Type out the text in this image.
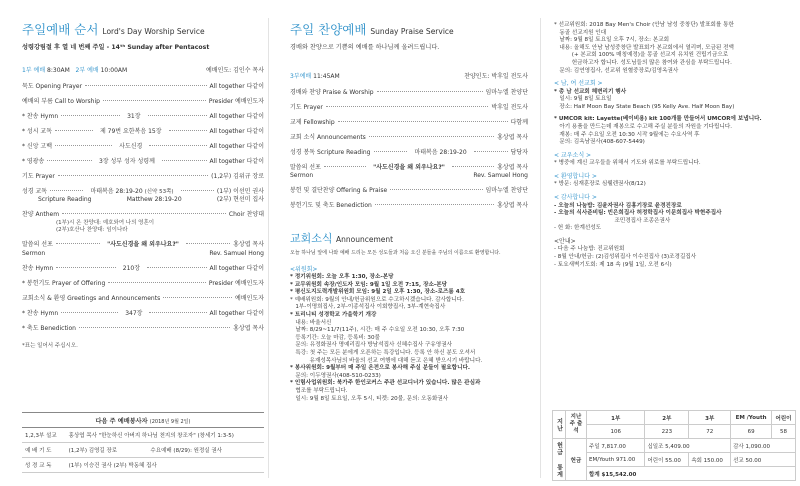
주일예배 순서 Lord's Day Worship Service
성령강림절 후 열 네 번째 주일 - 14ᵗʰ Sunday after Pentacost
1부 예배 8:30AM 2부 예배 10:00AM	예배인도: 김인수 목사
묵도 Opening Prayer	All together 다같이
예배의 부름 Call to Worship	Presider 예배인도자
* 찬송 Hymn	31장	All together 다같이
* 성시 교독	제 79번 요한복음 15장	All together 다같이
* 신앙 고백	사도신경	All together 다같이
* 영광송	3장 성부 성자 성령께	All together 다같이
기도 Prayer	(1,2부) 김위규 장로
성경 교독	마태복음 28:19-20 (신약 53쪽)	(1부) 이선민 권사
Scripture Reading	Matthew 28:19-20	(2부) 현선미 집사
찬양 Anthem	Choir 찬양대
(1부)시 온 찬양대: 예호와여 나의 영혼이
(2부)호산나 찬양대: 임이나라
말씀의 선포	"사도신경을 왜 외우나요?"	홍상엽 목사
Sermon	Rev. Samuel Hong
찬송 Hymn	210장	All together 다같이
* 봉헌기도 Prayer of Offering	Presider 예배인도자
교회소식 & 환영 Greetings and Announcements	예배인도자
* 찬송 Hymn	347장	All together 다같이
* 축도 Benediction	홍상엽 목사
*표는 일어서 주십시오.
다음 주 예배봉사자 (2018년 9월 2일)		
1,2,3부 설교	홍상엽 목사 "한눈하신 아버지 하나님 천지의 창조자" (창세기 1:3-5)	
예 배 기 도	(1,2부) 김영길 장로	수요예배 (8/29): 원정실 권사
성 경 교 독	(1부) 이승건 권사 (2부) 박동혜 집사	
주일 찬양예배 Sunday Praise Service
경배와 찬양으로 기쁨의 예배를 하나님께 올려드립니다.
3부예배 11:45AM	찬양인도: 박후일 전도사
경배와 찬양 Praise & Worship	임마누엘 찬양단
기도 Prayer	박후일 전도사
교제 Fellowship	다함께
교회 소식 Announcements	홍상엽 목사
성경 봉독 Scripture Reading	마태복음 28:19-20	담당자
말씀의 선포	"사도신경을 왜 외우나요?"	홍상엽 목사
Sermon	Rev. Samuel Hong
봉헌 및 결단찬양 Offering & Praise	임마누엘 찬양단
봉헌기도 및 축도 Benediction	홍상엽 목사
교회소식 Announcement
오늘 하나님 앞에 나와 예배 드리는 모든 성도들과 처음 오신 분들을 주님의 이름으로 환영합니다.
<위원회>
* 정기위원회: 오늘 오후 1:30, 장소-본당
* 교무위원회 속장/인도자 모임: 9월 1일 오전 7:15, 장소-본당
* 평신도지도력개발위원회 모임: 9월 2일 오후 1:30, 장소-로즈룸 4호
* 예배위원회: 9월의 안내/헌금위원으로 수고하시겠습니다. 감사합니다.
1부-이명희집사, 2부-이종석집사 이회향집사, 3부-계현숙집사
* 트리니티 성경학교 가을학기 개강
내용: 바울서신
날짜: 8/29~11/7(11주), 시간: 매 주 수요일 오전 10:30, 오후 7:30
등록기간: 오늘 마감, 등록비: 30불
문의: 유정화권사 명예리집사 방남석집사 신혜수집사 구유영권사
특강: 첫 주는 모든 분에게 오픈하는 특강입니다. 등록 안 하신 분도 오셔서
유재성목사님의 바울의 선교 여행에 대해 듣고 은혜 받으시기 바랍니다.
* 봉사위원회: 9월부터 매 주일 온전으로 봉사해 주실 분들이 필요합니다.
문의: 이두영권사(408-510-0233)
* 인험사업위원회: 북가주 한인코커스 주관 선교디너가 있습니다. 많은 관심과
협조를 부탁드립니다.
일시: 9월 8일 토요일, 오후 5시, 티켓: 20불, 문의: 오동화권사
* 선교위원회: 2018 Bay Men's Choir (안남 남성 중창단) 발표회를 통한
동골 선교지원 인대
날짜: 9월 8일 토요일 오후 7시, 장소: 본교회
내용: 올해도 안남 남성중창단 발표회가 본교회에서 열리며, 모금된 전액
(+ 본교회 100% 매칭예정)을 몽골 선교지 유치원 건립기금으로
헌금하고자 합니다. 성도님들의 많은 참여와 관심을 부탁드립니다.
문의: 김연영집사, 선교위 원혈중장로/김영옥권사
< 남, 여 선교회 >
* 총 남 선교회 헤변리기 행사
일시: 9월 8일 토요일
장소: Half Moon Bay State Beach (95 Kelly Ave. Half Moon Bay)
* UMCOR kit: Layette(베이비용) kit 100개를 만들어서 UMCOR에 보냅니다.
아기 용품을 만드는데 재봉으로 수고해 주실 분들의 자원을 기다립니다.
재봉: 매 주 수요일 오전 10:30 시작 9월에는 수요사역 후
문의: 김옥남권사(408-607-5449)
< 교우소식 >
* 병중에 계신 교우들을 위해서 기도와 위로를 부탁드립니다.
< 환영합니다 >
* 방문: 심재훈장로 심웰렌권사(8/12)
< 감사합니다 >
- 오늘의 나눔밥: 김윤자권사 김홍기장로 윤경진장로
- 오늘의 식사준비팀: 빈은희집사 허정학집사 이문희집사 박현주집사
조민경집사 조종은권사
- 헌 화: 한계선성도
<안내>
- 다음 주 나눔밥: 진교위원회
- 8월 안내/헌금: (2)김성위집사 이수진집사 (3)조경길집사
- 토요새벽기도회: 제 18 속 (9월 1일, 오전 6시)
지난	지난 주 출석	1부	2부	3부	EM /Youth	어린이
		106	223	72	69	58
헌금 통계	헌금	주일 7,817.00	십일조 5,409.00		감사 1,090.00	
		EM/Youth 971.00	어린이 55.00	속회 150.00	선교 50.00	
		합계 $15,542.00				
